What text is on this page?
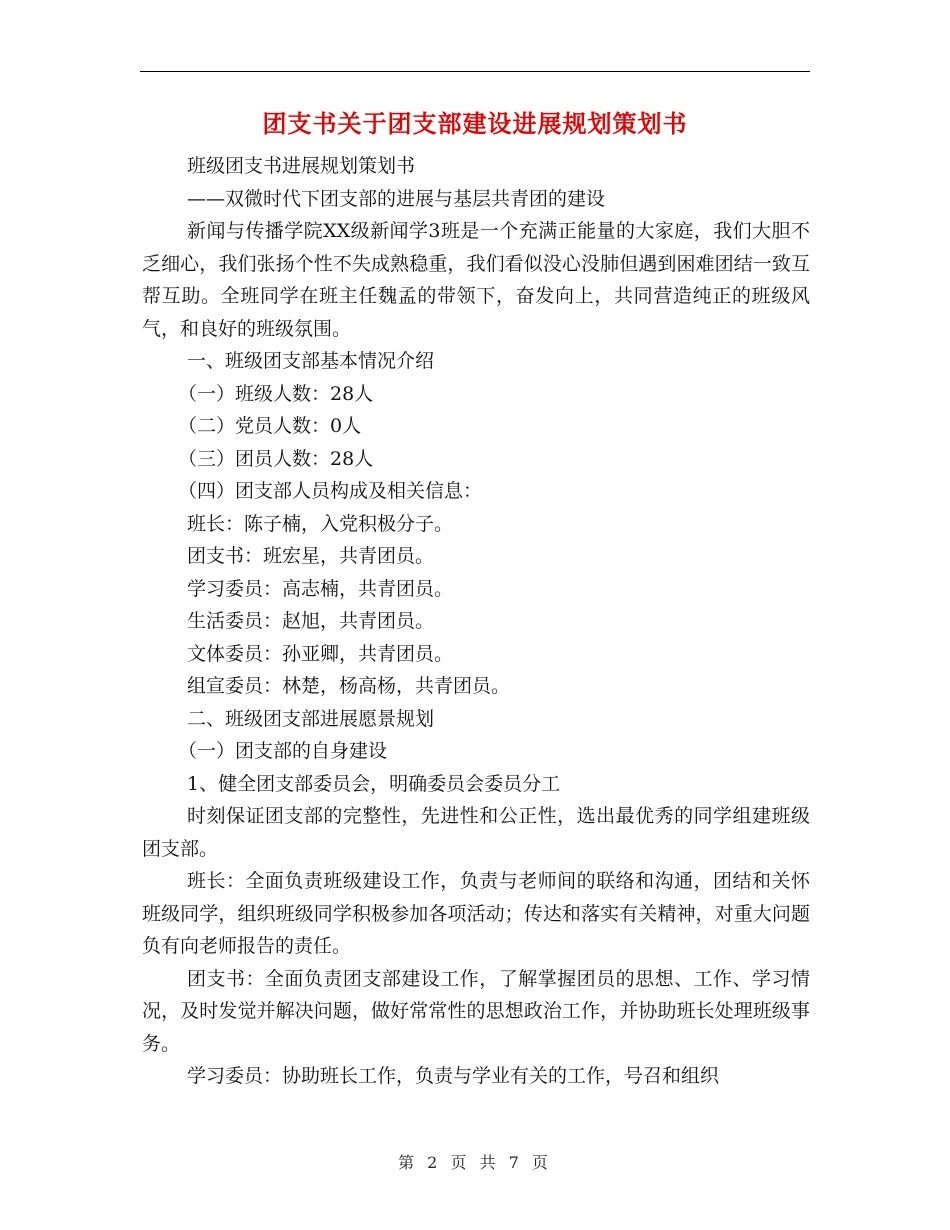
团支书关于团支部建设进展规划策划书

班级团支书进展规划策划书

——双微时代下团支部的进展与基层共青团的建设

新闻与传播学院XX级新闻学3班是一个充满正能量的大家庭，我们大胆不乏细心，我们张扬个性不失成熟稳重，我们看似没心没肺但遇到困难团结一致互帮互助。全班同学在班主任魏孟的带领下，奋发向上，共同营造纯正的班级风气，和良好的班级氛围。

一、班级团支部基本情况介绍

（一）班级人数：28人

（二）党员人数：0人

（三）团员人数：28人

（四）团支部人员构成及相关信息：

班长：陈子楠，入党积极分子。

团支书：班宏星，共青团员。

学习委员：高志楠，共青团员。

生活委员：赵旭，共青团员。

文体委员：孙亚卿，共青团员。

组宣委员：林楚，杨高杨，共青团员。

二、班级团支部进展愿景规划

（一）团支部的自身建设

1、健全团支部委员会，明确委员会委员分工

时刻保证团支部的完整性，先进性和公正性，选出最优秀的同学组建班级团支部。

班长：全面负责班级建设工作，负责与老师间的联络和沟通，团结和关怀班级同学，组织班级同学积极参加各项活动；传达和落实有关精神，对重大问题负有向老师报告的责任。

团支书：全面负责团支部建设工作，了解掌握团员的思想、工作、学习情况，及时发觉并解决问题，做好常常性的思想政治工作，并协助班长处理班级事务。

学习委员：协助班长工作，负责与学业有关的工作，号召和组织

第 2 页 共 7 页
